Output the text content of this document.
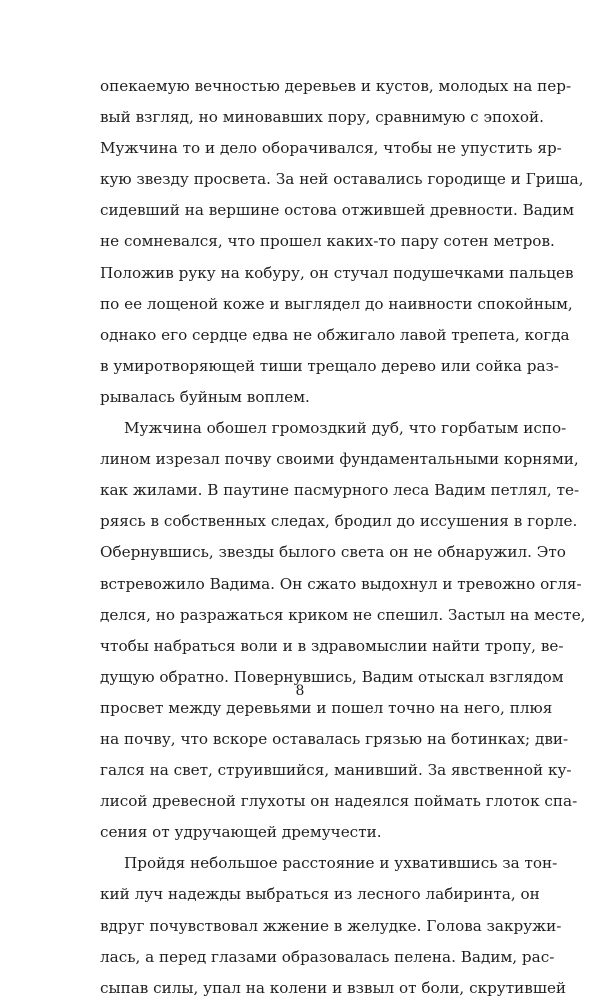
опекаемую вечностью деревьев и кустов, молодых на пер-
вый взгляд, но миновавших пору, сравнимую с эпохой.
Мужчина то и дело оборачивался, чтобы не упустить яр-
кую звезду просвета. За ней оставались городище и Гриша,
сидевший на вершине остова отжившей древности. Вадим
не сомневался, что прошел каких-то пару сотен метров.
Положив руку на кобуру, он стучал подушечками пальцев
по ее лощеной коже и выглядел до наивности спокойным,
однако его сердце едва не обжигало лавой трепета, когда
в умиротворяющей тиши трещало дерево или сойка раз-
рывалась буйным воплем.
Мужчина обошел громоздкий дуб, что горбатым испо-
лином изрезал почву своими фундаментальными корнями,
как жилами. В паутине пасмурного леса Вадим петлял, те-
ряясь в собственных следах, бродил до иссушения в горле.
Обернувшись, звезды былого света он не обнаружил. Это
встревожило Вадима. Он сжато выдохнул и тревожно огля-
делся, но разражаться криком не спешил. Застыл на месте,
чтобы набраться воли и в здравомыслии найти тропу, ве-
дущую обратно. Повернувшись, Вадим отыскал взглядом
просвет между деревьями и пошел точно на него, плюя
на почву, что вскоре оставалась грязью на ботинках; дви-
гался на свет, струившийся, манивший. За явственной ку-
лисой древесной глухоты он надеялся поймать глоток спа-
сения от удручающей дремучести.
Пройдя небольшое расстояние и ухватившись за тон-
кий луч надежды выбраться из лесного лабиринта, он
вдруг почувствовал жжение в желудке. Голова закружи-
лась, а перед глазами образовалась пелена. Вадим, рас-
сыпав силы, упал на колени и взвыл от боли, скрутившей
8
